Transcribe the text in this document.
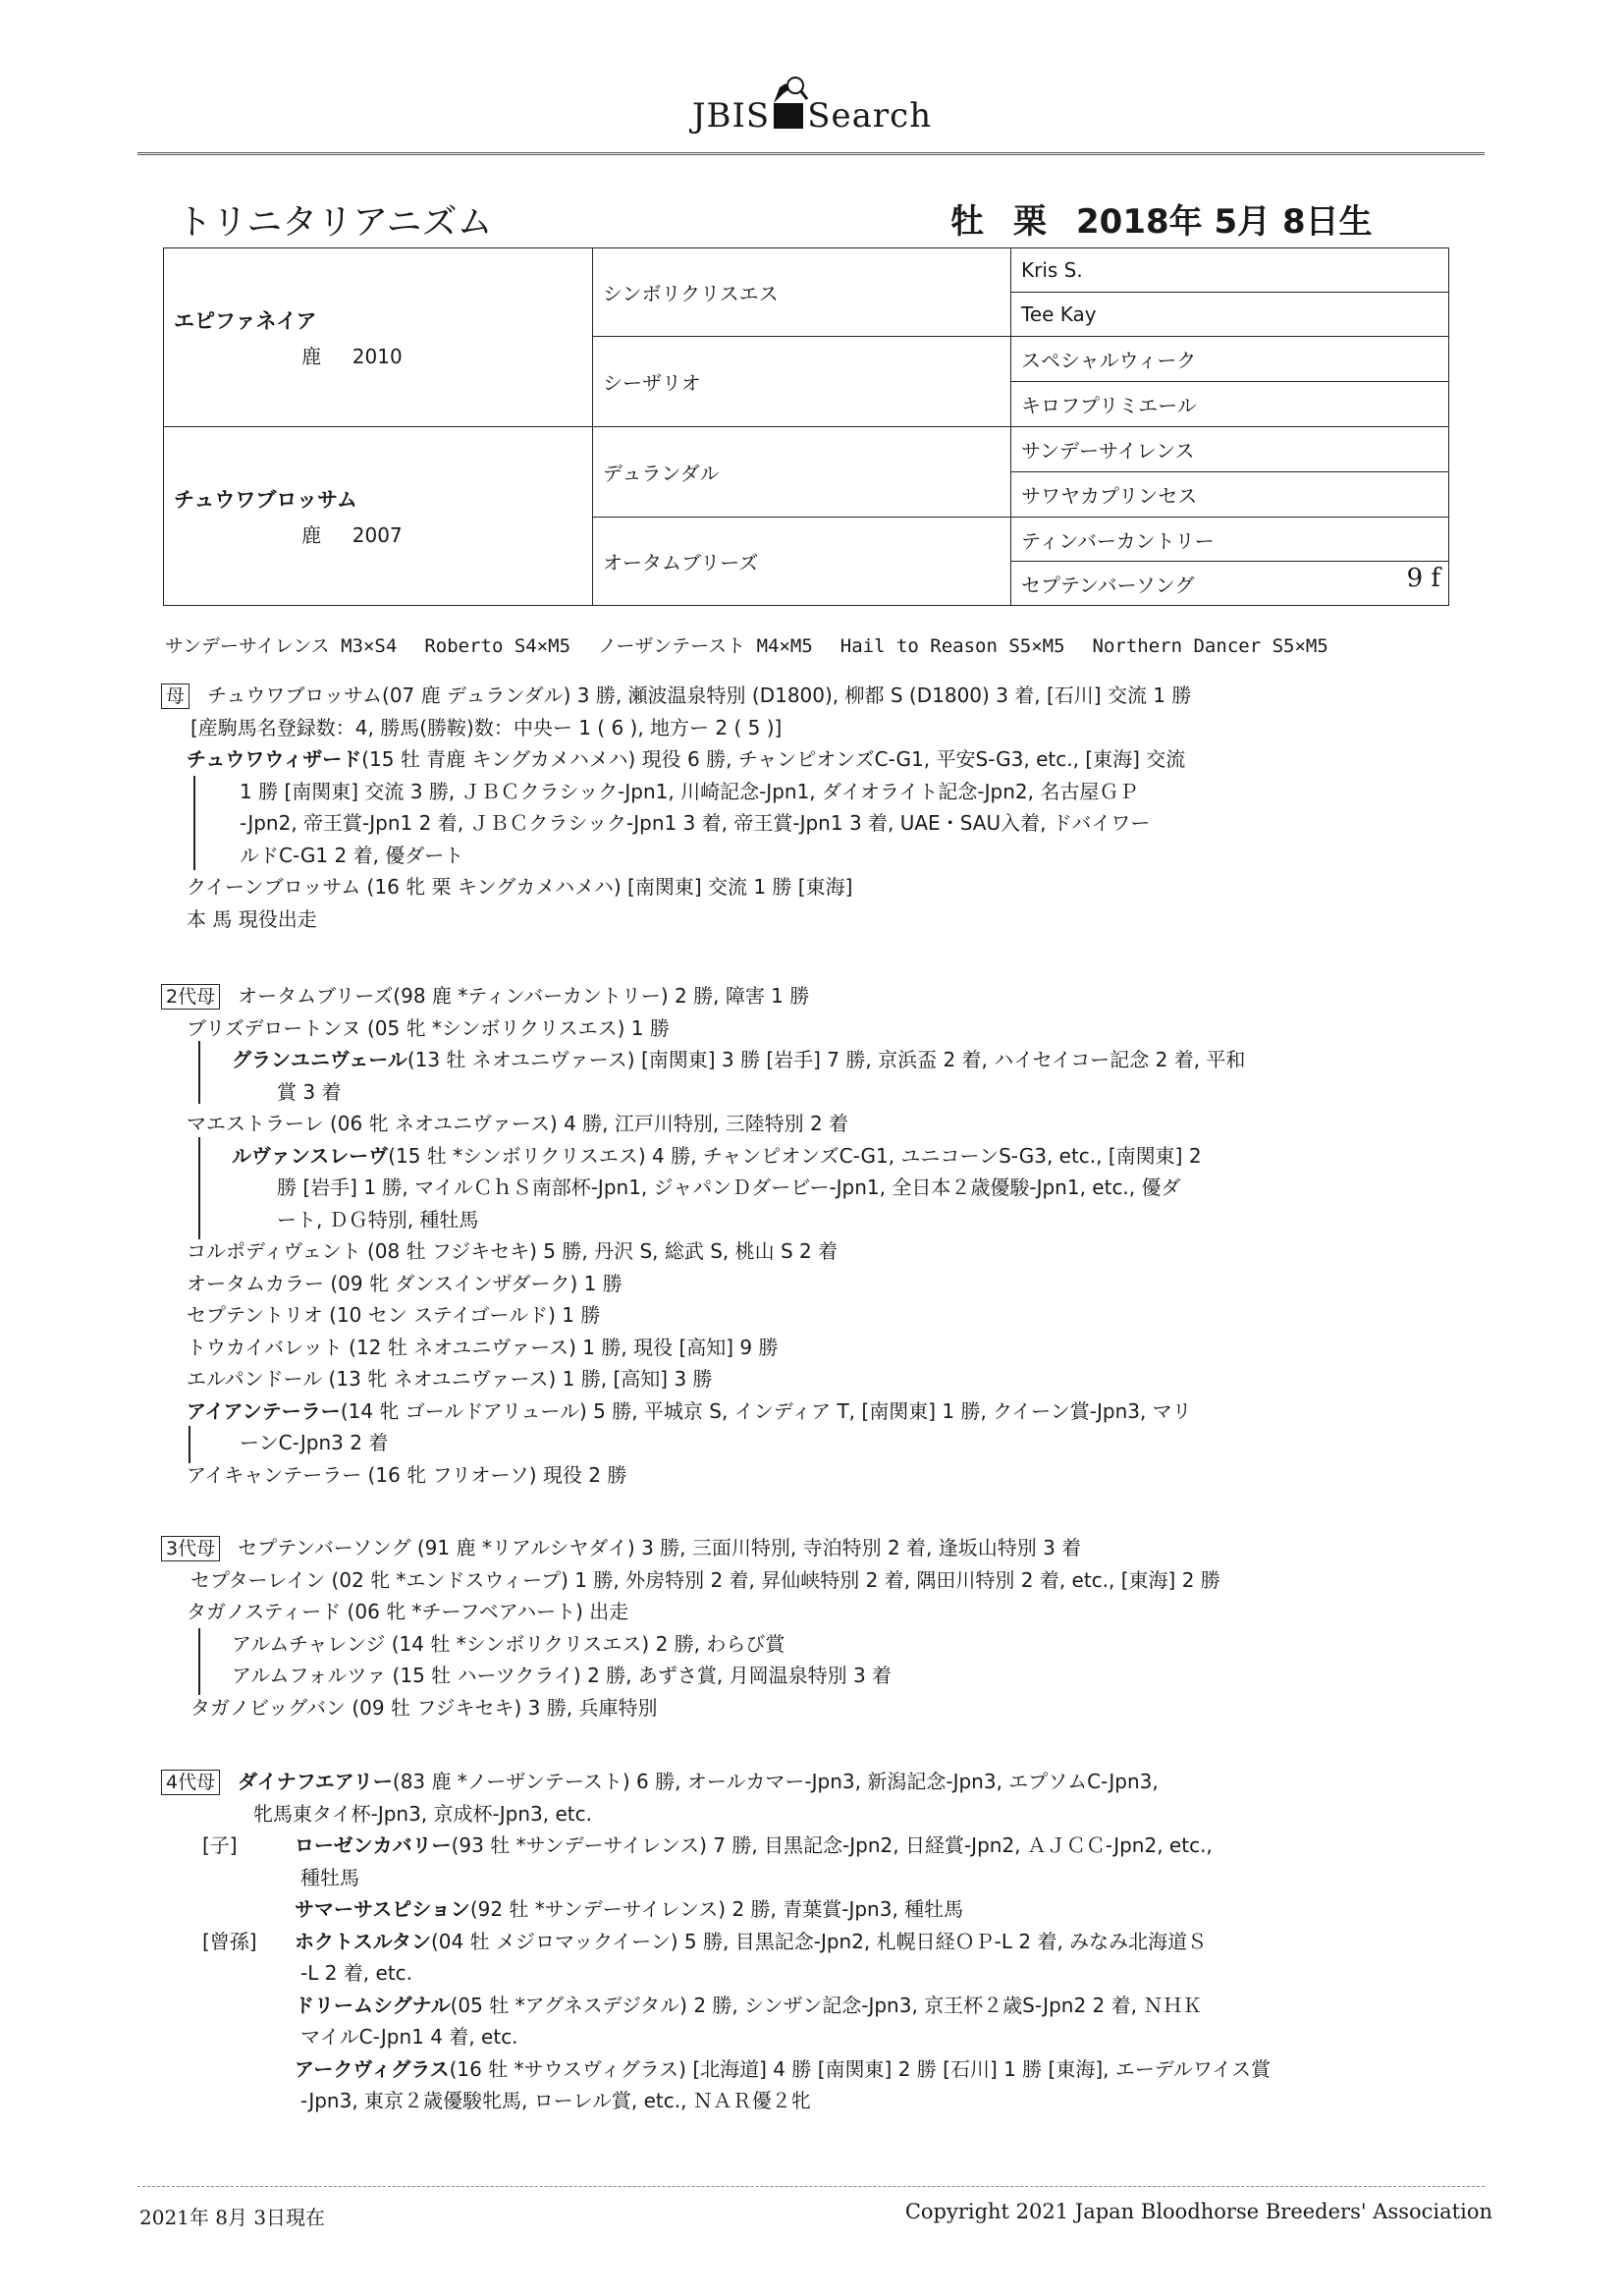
JBIS Search
トリニタリアニズム	牡 栗 2018年 5月 8日生
エピファネイア
鹿 2010	シンボリクリスエス	Kris S.
		Tee Kay
	シーザリオ	スペシャルウィーク
		キロフプリミエール
チュウワブロッサム
鹿 2007	デュランダル	サンデーサイレンス
		サワヤカプリンセス
	オータムブリーズ	ティンバーカントリー
		セプテンバーソング 9 f
サンデーサイレンス M3×S4 Roberto S4×M5 ノーザンテースト M4×M5 Hail to Reason S5×M5 Northern Dancer S5×M5
母 チュウワブロッサム(07 鹿 デュランダル) 3 勝, 瀬波温泉特別 (D1800), 柳都 S (D1800) 3 着, [石川] 交流 1 勝
[産駒馬名登録数：4, 勝馬(勝鞍)数：中央ー 1 ( 6 ), 地方ー 2 ( 5 )]
チュウワウィザード(15 牡 青鹿 キングカメハメハ) 現役 6 勝, チャンピオンズC-G1, 平安S-G3, etc., [東海] 交流
1 勝 [南関東] 交流 3 勝, ＪＢＣクラシック-Jpn1, 川崎記念-Jpn1, ダイオライト記念-Jpn2, 名古屋ＧＰ
-Jpn2, 帝王賞-Jpn1 2 着, ＪＢＣクラシック-Jpn1 3 着, 帝王賞-Jpn1 3 着, UAE・SAU入着, ドバイワー
ルドC-G1 2 着, 優ダート
クイーンブロッサム (16 牝 栗 キングカメハメハ) [南関東] 交流 1 勝 [東海]
本 馬 現役出走
2代母 オータムブリーズ(98 鹿 *ティンバーカントリー) 2 勝, 障害 1 勝
ブリズデロートンヌ (05 牝 *シンボリクリスエス) 1 勝
グランユニヴェール(13 牡 ネオユニヴァース) [南関東] 3 勝 [岩手] 7 勝, 京浜盃 2 着, ハイセイコー記念 2 着, 平和
賞 3 着
マエストラーレ (06 牝 ネオユニヴァース) 4 勝, 江戸川特別, 三陸特別 2 着
ルヴァンスレーヴ(15 牡 *シンボリクリスエス) 4 勝, チャンピオンズC-G1, ユニコーンS-G3, etc., [南関東] 2
勝 [岩手] 1 勝, マイルＣｈＳ南部杯-Jpn1, ジャパンＤダービー-Jpn1, 全日本２歳優駿-Jpn1, etc., 優ダ
ート, ＤＧ特別, 種牡馬
コルポディヴェント (08 牡 フジキセキ) 5 勝, 丹沢 S, 総武 S, 桃山 S 2 着
オータムカラー (09 牝 ダンスインザダーク) 1 勝
セプテントリオ (10 セン ステイゴールド) 1 勝
トウカイバレット (12 牡 ネオユニヴァース) 1 勝, 現役 [高知] 9 勝
エルパンドール (13 牝 ネオユニヴァース) 1 勝, [高知] 3 勝
アイアンテーラー(14 牝 ゴールドアリュール) 5 勝, 平城京 S, インディア T, [南関東] 1 勝, クイーン賞-Jpn3, マリ
ーンC-Jpn3 2 着
アイキャンテーラー (16 牝 フリオーソ) 現役 2 勝
3代母 セプテンバーソング (91 鹿 *リアルシヤダイ) 3 勝, 三面川特別, 寺泊特別 2 着, 逢坂山特別 3 着
セプターレイン (02 牝 *エンドスウィープ) 1 勝, 外房特別 2 着, 昇仙峡特別 2 着, 隅田川特別 2 着, etc., [東海] 2 勝
タガノスティード (06 牝 *チーフベアハート) 出走
アルムチャレンジ (14 牡 *シンボリクリスエス) 2 勝, わらび賞
アルムフォルツァ (15 牡 ハーツクライ) 2 勝, あずさ賞, 月岡温泉特別 3 着
タガノビッグバン (09 牡 フジキセキ) 3 勝, 兵庫特別
4代母 ダイナフエアリー(83 鹿 *ノーザンテースト) 6 勝, オールカマー-Jpn3, 新潟記念-Jpn3, エプソムC-Jpn3,
牝馬東タイ杯-Jpn3, 京成杯-Jpn3, etc.
[子]	ローゼンカバリー(93 牡 *サンデーサイレンス) 7 勝, 目黒記念-Jpn2, 日経賞-Jpn2, ＡＪＣＣ-Jpn2, etc.,
種牡馬
サマーサスピション(92 牡 *サンデーサイレンス) 2 勝, 青葉賞-Jpn3, 種牡馬
[曾孫] ホクトスルタン(04 牡 メジロマックイーン) 5 勝, 目黒記念-Jpn2, 札幌日経ＯＰ-L 2 着, みなみ北海道Ｓ
-L 2 着, etc.
ドリームシグナル(05 牡 *アグネスデジタル) 2 勝, シンザン記念-Jpn3, 京王杯２歳S-Jpn2 2 着, ＮＨＫ
マイルC-Jpn1 4 着, etc.
アークヴィグラス(16 牡 *サウスヴィグラス) [北海道] 4 勝 [南関東] 2 勝 [石川] 1 勝 [東海], エーデルワイス賞
-Jpn3, 東京２歳優駿牝馬, ローレル賞, etc., ＮＡＲ優２牝
2021年 8月 3日現在	Copyright 2021 Japan Bloodhorse Breeders' Association
